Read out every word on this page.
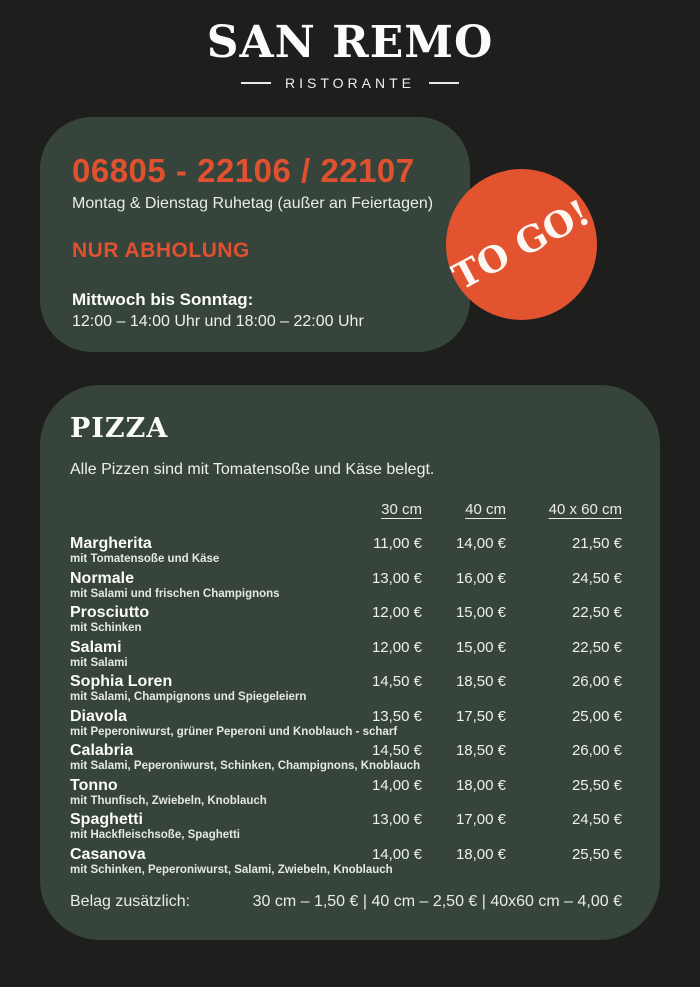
SAN REMO
RISTORANTE
06805 - 22106 / 22107
Montag & Dienstag Ruhetag (außer an Feiertagen)
NUR ABHOLUNG
Mittwoch bis Sonntag:
12:00 – 14:00 Uhr und 18:00 – 22:00 Uhr
TO GO!
PIZZA
Alle Pizzen sind mit Tomatensoße und Käse belegt.
30 cm	40 cm	40 x 60 cm
Margherita
mit Tomatensoße und Käse
11,00 €	14,00 €	21,50 €
Normale
mit Salami und frischen Champignons
13,00 €	16,00 €	24,50 €
Prosciutto
mit Schinken
12,00 €	15,00 €	22,50 €
Salami
mit Salami
12,00 €	15,00 €	22,50 €
Sophia Loren
mit Salami, Champignons und Spiegeleiern
14,50 €	18,50 €	26,00 €
Diavola
mit Peperoniwurst, grüner Peperoni und Knoblauch - scharf
13,50 €	17,50 €	25,00 €
Calabria
mit Salami, Peperoniwurst, Schinken, Champignons, Knoblauch
14,50 €	18,50 €	26,00 €
Tonno
mit Thunfisch, Zwiebeln, Knoblauch
14,00 €	18,00 €	25,50 €
Spaghetti
mit Hackfleischsoße, Spaghetti
13,00 €	17,00 €	24,50 €
Casanova
mit Schinken, Peperoniwurst, Salami, Zwiebeln, Knoblauch
14,00 €	18,00 €	25,50 €
Belag zusätzlich:	30 cm – 1,50 € | 40 cm – 2,50 € | 40x60 cm – 4,00 €
